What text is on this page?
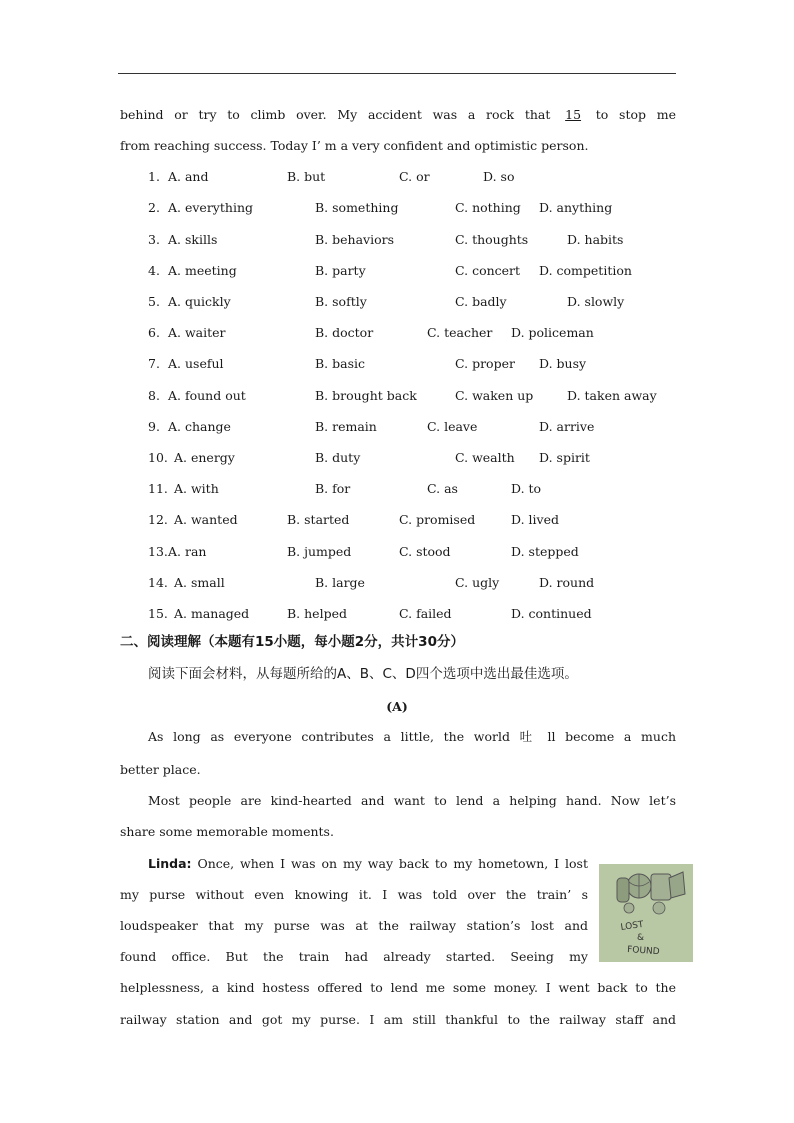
behind or try to climb over. My accident was a rock that 15 to stop me
from reaching success. Today I’ m a very confident and optimistic person.
1. A. and	B. but	C. or	D. so
2. A. everything	B. something	C. nothing D. anything
3. A. skills	B. behaviors	C. thoughts	D. habits
4. A. meeting	B. party	C. concert D. competition
5. A. quickly	B. softly	C. badly	D. slowly
6. A. waiter	B. doctor	C. teacher D. policeman
7. A. useful	B. basic	C. proper D. busy
8. A. found out	B. brought back	C. waken up	D. taken away
9. A. change	B. remain	C. leave	D. arrive
10. A. energy	B. duty	C. wealth D. spirit
11. A. with	B. for	C. as	D. to
12. A. wanted	B. started	C. promised	D. lived
13. A. ran	B. jumped	C. stood	D. stepped
14. A. small	B. large	C. ugly	D. round
15. A. managed	B. helped	C. failed	D. continued
二、阅读理解（本题有15小题，每小题2分，共计30分）
阅读下面会材料，从每题所给的A、B、C、D四个选项中选出最佳选项。
(A)
As long as everyone contributes a little, the world 吐 ll become a much
better place.
Most people are kind-hearted and want to lend a helping hand. Now let’s
share some memorable moments.
Linda: Once, when I was on my way back to my hometown, I lost
my purse without even knowing it. I was told over the train’ s
loudspeaker that my purse was at the railway station’s lost and
found office. But the train had already started. Seeing my
helplessness, a kind hostess offered to lend me some money. I went back to the
railway station and got my purse. I am still thankful to the railway staff and
LOST
&
FOUND
